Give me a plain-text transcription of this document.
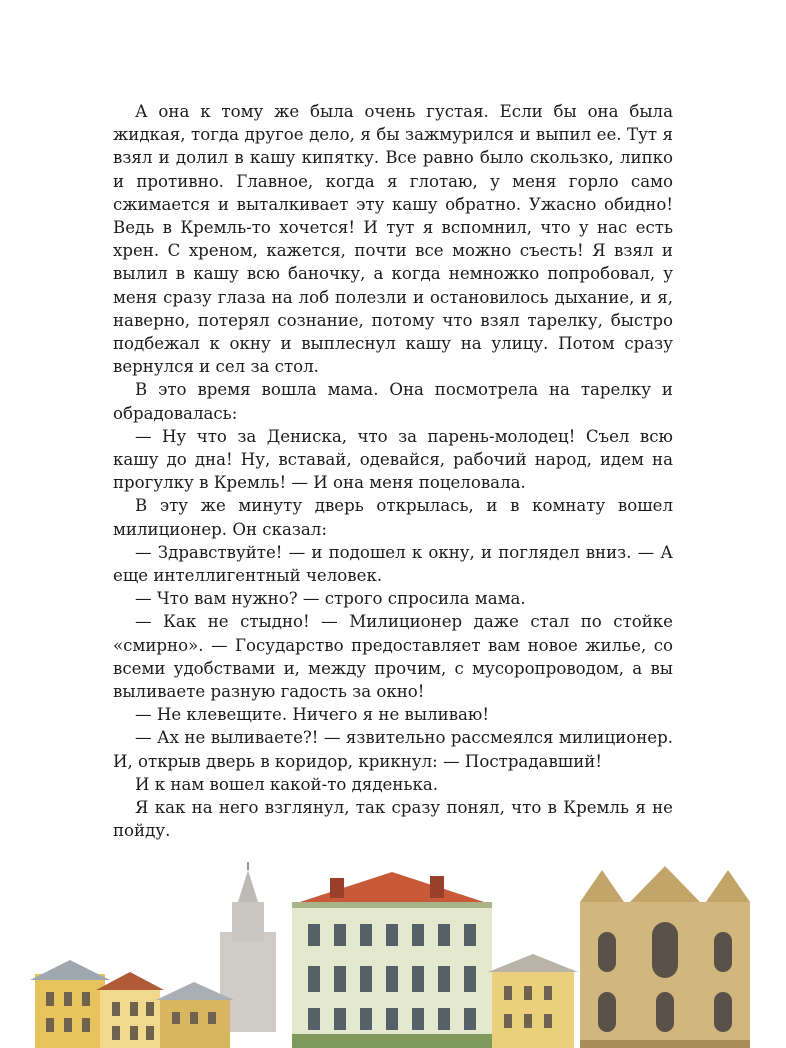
А она к тому же была очень густая. Если бы она была жидкая, тогда другое дело, я бы зажмурился и выпил ее. Тут я взял и долил в кашу кипятку. Все равно было скользко, липко и противно. Главное, когда я глотаю, у меня горло само сжимается и выталкивает эту кашу обратно. Ужасно обидно! Ведь в Кремль-то хочется! И тут я вспомнил, что у нас есть хрен. С хреном, кажется, почти все можно съесть! Я взял и вылил в кашу всю баночку, а когда немножко попробовал, у меня сразу глаза на лоб полезли и остановилось дыхание, и я, наверно, потерял сознание, потому что взял тарелку, быстро подбежал к окну и выплеснул кашу на улицу. Потом сразу вернулся и сел за стол.

В это время вошла мама. Она посмотрела на тарелку и обрадовалась:

— Ну что за Дениска, что за парень-молодец! Съел всю кашу до дна! Ну, вставай, одевайся, рабочий народ, идем на прогулку в Кремль! — И она меня поцеловала.

В эту же минуту дверь открылась, и в комнату вошел милиционер. Он сказал:

— Здравствуйте! — и подошел к окну, и поглядел вниз. — А еще интеллигентный человек.

— Что вам нужно? — строго спросила мама.

— Как не стыдно! — Милиционер даже стал по стойке «смирно». — Государство предоставляет вам новое жилье, со всеми удобствами и, между прочим, с мусоропроводом, а вы выливаете разную гадость за окно!

— Не клевещите. Ничего я не выливаю!

— Ах не выливаете?! — язвительно рассмеялся милиционер. И, открыв дверь в коридор, крикнул: — Пострадавший!

И к нам вошел какой-то дяденька.

Я как на него взглянул, так сразу понял, что в Кремль я не пойду.
